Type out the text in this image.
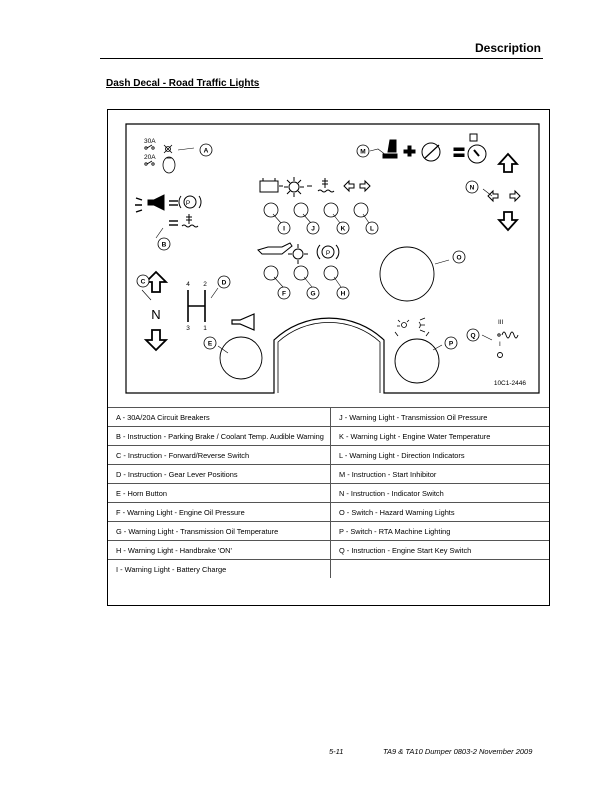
Description
Dash Decal - Road Traffic Lights
30A
20A
P
N
4 2
3 1
P
III
I
10C1-2446
A
B
C	D
E
F	G	H
I	J	K	L
M
N
O
P
Q
A - 30A/20A Circuit Breakers	J - Warning Light - Transmission Oil Pressure
B - Instruction - Parking Brake / Coolant Temp. Audible Warning	K - Warning Light - Engine Water Temperature
C - Instruction - Forward/Reverse Switch	L - Warning Light - Direction Indicators
D - Instruction - Gear Lever Positions	M - Instruction - Start Inhibitor
E - Horn Button	N - Instruction - Indicator Switch
F - Warning Light - Engine Oil Pressure	O - Switch - Hazard Warning Lights
G - Warning Light - Transmission Oil Temperature	P - Switch - RTA Machine Lighting
H - Warning Light - Handbrake 'ON'	Q - Instruction - Engine Start Key Switch
I - Warning Light - Battery Charge	
5-11	TA9 & TA10 Dumper 0803-2 November 2009
